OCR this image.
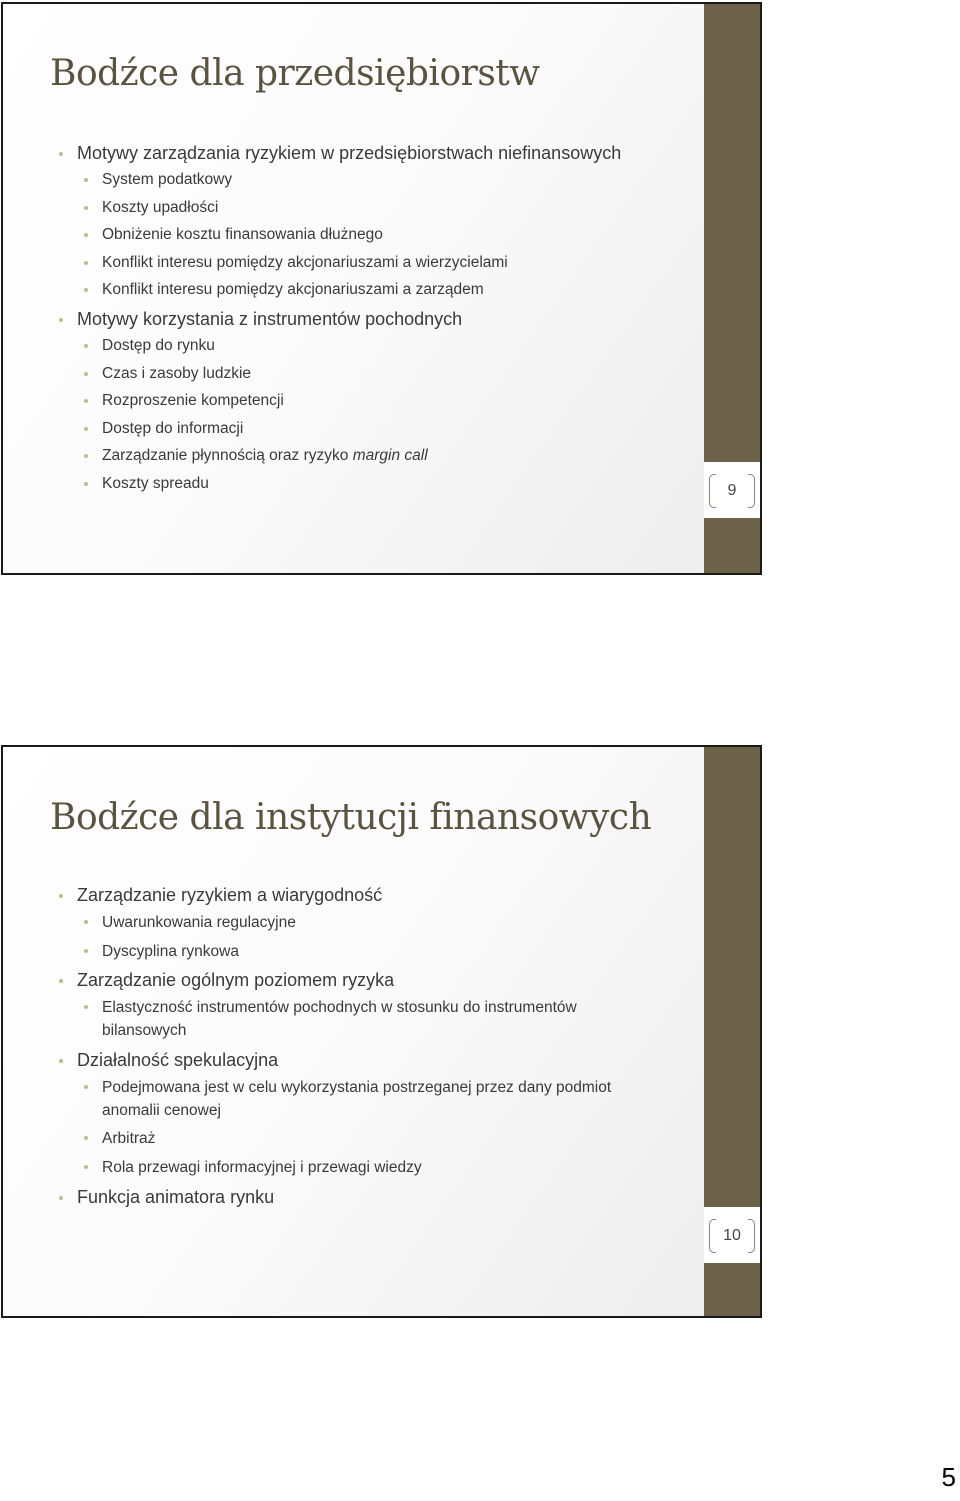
Bodźce dla przedsiębiorstw
Motywy zarządzania ryzykiem w przedsiębiorstwach niefinansowych
System podatkowy
Koszty upadłości
Obniżenie kosztu finansowania dłużnego
Konflikt interesu pomiędzy akcjonariuszami a wierzycielami
Konflikt interesu pomiędzy akcjonariuszami a zarządem
Motywy korzystania z instrumentów pochodnych
Dostęp do rynku
Czas i zasoby ludzkie
Rozproszenie kompetencji
Dostęp do informacji
Zarządzanie płynnością oraz ryzyko margin call
Koszty spreadu	9
Bodźce dla instytucji finansowych
Zarządzanie ryzykiem a wiarygodność
Uwarunkowania regulacyjne
Dyscyplina rynkowa
Zarządzanie ogólnym poziomem ryzyka
Elastyczność instrumentów pochodnych w stosunku do instrumentów bilansowych
Działalność spekulacyjna
Podejmowana jest w celu wykorzystania postrzeganej przez dany podmiot anomalii cenowej
Arbitraż
Rola przewagi informacyjnej i przewagi wiedzy
Funkcja animatora rynku
10
5
